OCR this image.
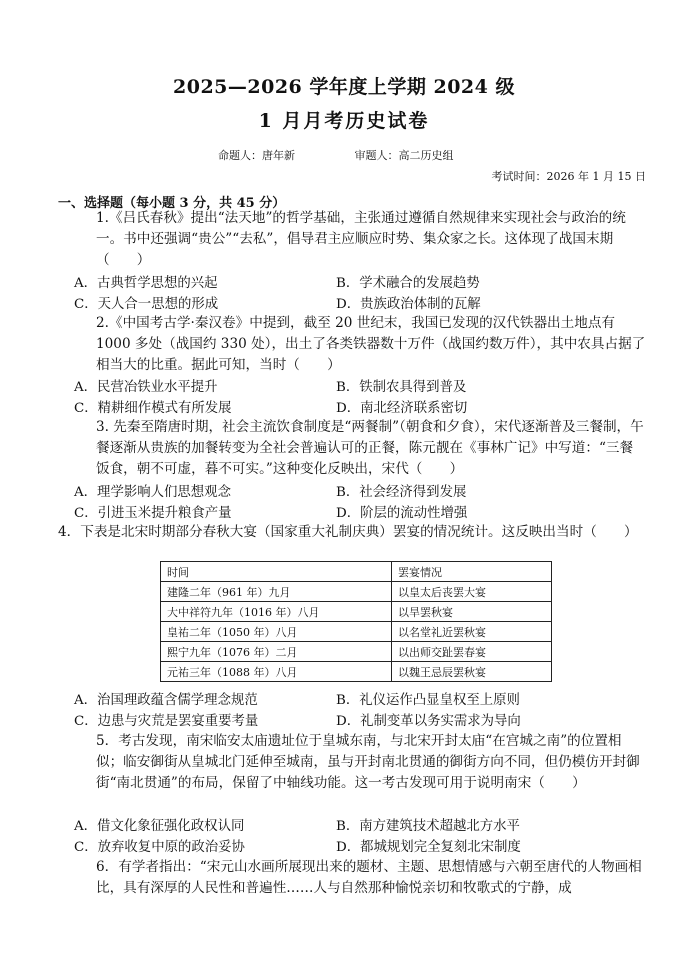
2025—2026 学年度上学期 2024 级
1 月月考历史试卷
命题人：唐年新	审题人：高二历史组
考试时间：2026 年 1 月 15 日
一、选择题（每小题 3 分，共 45 分）
1.《吕氏春秋》提出“法天地”的哲学基础，主张通过遵循自然规律来实现社会与政治的统一。书中还强调“贵公”“去私”，倡导君主应顺应时势、集众家之长。这体现了战国末期（　　）
A．古典哲学思想的兴起	B．学术融合的发展趋势
C．天人合一思想的形成	D．贵族政治体制的瓦解
2.《中国考古学·秦汉卷》中提到，截至 20 世纪末，我国已发现的汉代铁器出土地点有 1000 多处（战国约 330 处），出土了各类铁器数十万件（战国约数万件），其中农具占据了相当大的比重。据此可知，当时（　　）
A．民营冶铁业水平提升	B．铁制农具得到普及
C．精耕细作模式有所发展	D．南北经济联系密切
3. 先秦至隋唐时期，社会主流饮食制度是“两餐制”（朝食和夕食），宋代逐渐普及三餐制，午餐逐渐从贵族的加餐转变为全社会普遍认可的正餐，陈元靓在《事林广记》中写道：“三餐饭食，朝不可虚，暮不可实。”这种变化反映出，宋代（　　）
A．理学影响人们思想观念	B．社会经济得到发展
C．引进玉米提升粮食产量	D．阶层的流动性增强
4．下表是北宋时期部分春秋大宴（国家重大礼制庆典）罢宴的情况统计。这反映出当时（　　）
时间	罢宴情况
建隆二年（961 年）九月	以皇太后丧罢大宴
大中祥符九年（1016 年）八月	以旱罢秋宴
皇祐二年（1050 年）八月	以名堂礼近罢秋宴
熙宁九年（1076 年）二月	以出师交趾罢春宴
元祐三年（1088 年）八月	以魏王忌辰罢秋宴
A．治国理政蕴含儒学理念规范	B．礼仪运作凸显皇权至上原则
C．边患与灾荒是罢宴重要考量	D．礼制变革以务实需求为导向
5．考古发现，南宋临安太庙遗址位于皇城东南，与北宋开封太庙“在宫城之南”的位置相似；临安御街从皇城北门延伸至城南，虽与开封南北贯通的御街方向不同，但仍模仿开封御街“南北贯通”的布局，保留了中轴线功能。这一考古发现可用于说明南宋（　　）
A．借文化象征强化政权认同	B．南方建筑技术超越北方水平
C．放弃收复中原的政治妥协	D．都城规划完全复刻北宋制度
6．有学者指出：“宋元山水画所展现出来的题材、主题、思想情感与六朝至唐代的人物画相比，具有深厚的人民性和普遍性……人与自然那种愉悦亲切和牧歌式的宁静，成
